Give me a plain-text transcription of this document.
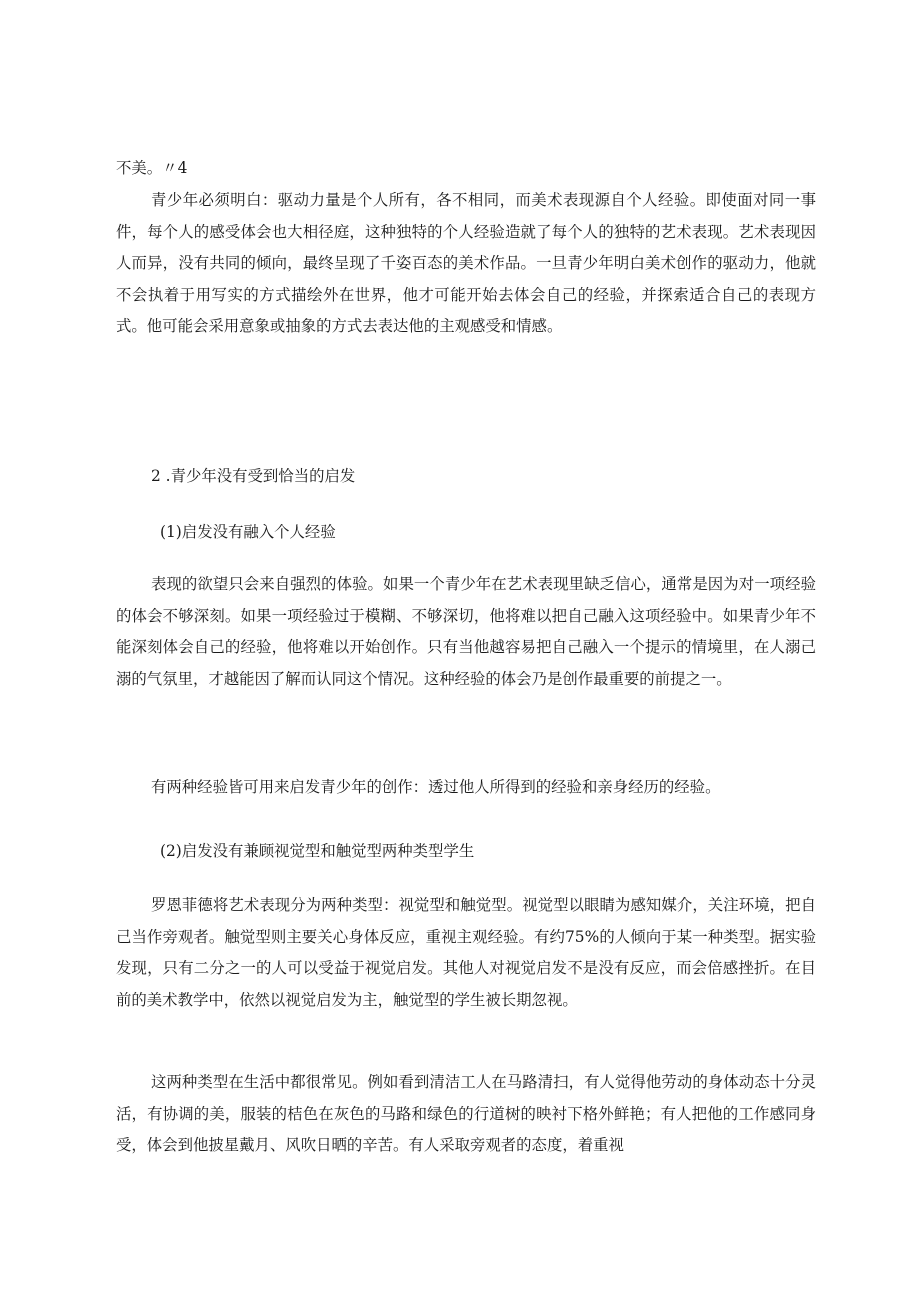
不美。〃4

青少年必须明白：驱动力量是个人所有，各不相同，而美术表现源自个人经验。即使面对同一事件，每个人的感受体会也大相径庭，这种独特的个人经验造就了每个人的独特的艺术表现。艺术表现因人而异，没有共同的倾向，最终呈现了千姿百态的美术作品。一旦青少年明白美术创作的驱动力，他就不会执着于用写实的方式描绘外在世界，他才可能开始去体会自己的经验，并探索适合自己的表现方式。他可能会采用意象或抽象的方式去表达他的主观感受和情感。

2 .青少年没有受到恰当的启发

(1)启发没有融入个人经验

表现的欲望只会来自强烈的体验。如果一个青少年在艺术表现里缺乏信心，通常是因为对一项经验的体会不够深刻。如果一项经验过于模糊、不够深切，他将难以把自己融入这项经验中。如果青少年不能深刻体会自己的经验，他将难以开始创作。只有当他越容易把自己融入一个提示的情境里，在人溺己溺的气氛里，才越能因了解而认同这个情况。这种经验的体会乃是创作最重要的前提之一。

有两种经验皆可用来启发青少年的创作：透过他人所得到的经验和亲身经历的经验。

(2)启发没有兼顾视觉型和触觉型两种类型学生

罗恩菲德将艺术表现分为两种类型：视觉型和触觉型。视觉型以眼睛为感知媒介，关注环境，把自己当作旁观者。触觉型则主要关心身体反应，重视主观经验。有约75%的人倾向于某一种类型。据实验发现，只有二分之一的人可以受益于视觉启发。其他人对视觉启发不是没有反应，而会倍感挫折。在目前的美术教学中，依然以视觉启发为主，触觉型的学生被长期忽视。

这两种类型在生活中都很常见。例如看到清洁工人在马路清扫，有人觉得他劳动的身体动态十分灵活，有协调的美，服装的桔色在灰色的马路和绿色的行道树的映衬下格外鲜艳；有人把他的工作感同身受，体会到他披星戴月、风吹日晒的辛苦。有人采取旁观者的态度，着重视
